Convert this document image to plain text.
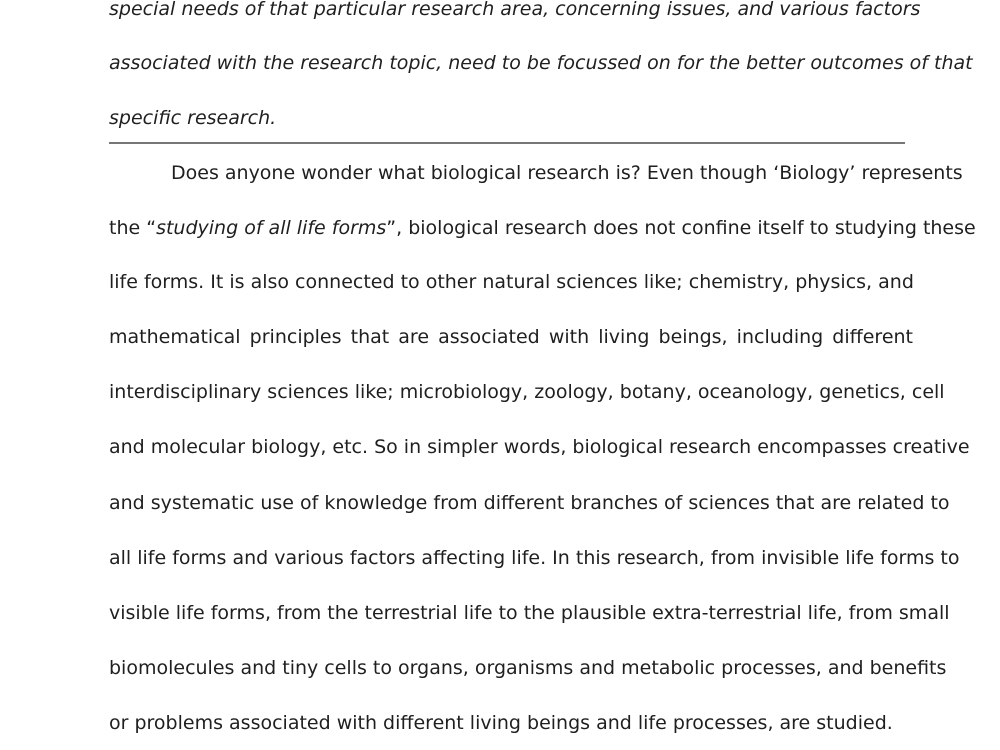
special needs of that particular research area, concerning issues, and various factors
associated with the research topic, need to be focussed on for the better outcomes of that
specific research.
Does anyone wonder what biological research is? Even though ‘Biology’ represents
the “studying of all life forms”, biological research does not confine itself to studying these
life forms. It is also connected to other natural sciences like; chemistry, physics, and
mathematical principles that are associated with living beings, including different
interdisciplinary sciences like; microbiology, zoology, botany, oceanology, genetics, cell
and molecular biology, etc. So in simpler words, biological research encompasses creative
and systematic use of knowledge from different branches of sciences that are related to
all life forms and various factors affecting life. In this research, from invisible life forms to
visible life forms, from the terrestrial life to the plausible extra-terrestrial life, from small
biomolecules and tiny cells to organs, organisms and metabolic processes, and benefits
or problems associated with different living beings and life processes, are studied.
